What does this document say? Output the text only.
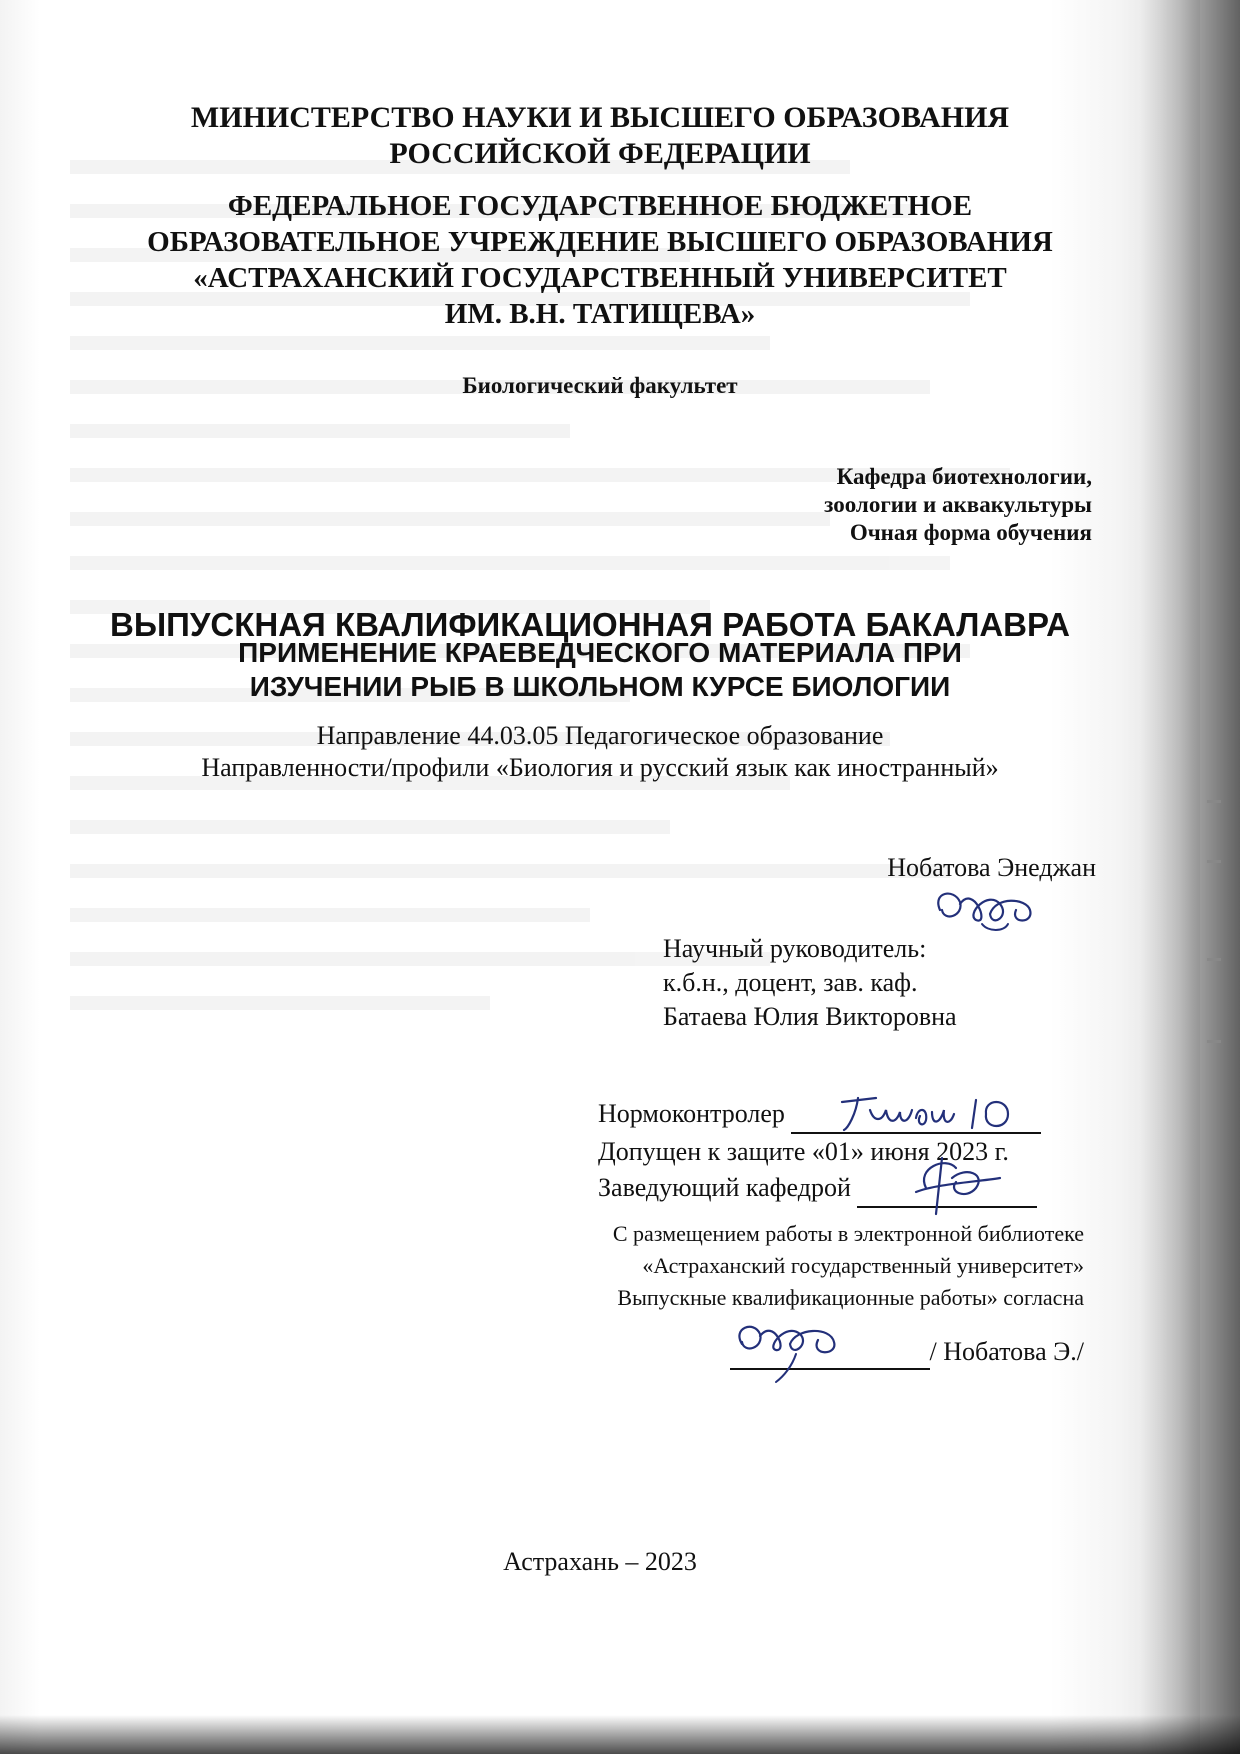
МИНИСТЕРСТВО НАУКИ И ВЫСШЕГО ОБРАЗОВАНИЯ
РОССИЙСКОЙ ФЕДЕРАЦИИ
ФЕДЕРАЛЬНОЕ ГОСУДАРСТВЕННОЕ БЮДЖЕТНОЕ
ОБРАЗОВАТЕЛЬНОЕ УЧРЕЖДЕНИЕ ВЫСШЕГО ОБРАЗОВАНИЯ
«АСТРАХАНСКИЙ ГОСУДАРСТВЕННЫЙ УНИВЕРСИТЕТ
ИМ. В.Н. ТАТИЩЕВА»
Биологический факультет
Кафедра биотехнологии,
зоологии и аквакультуры
Очная форма обучения
ВЫПУСКНАЯ КВАЛИФИКАЦИОННАЯ РАБОТА БАКАЛАВРА
ПРИМЕНЕНИЕ КРАЕВЕДЧЕСКОГО МАТЕРИАЛА ПРИ
ИЗУЧЕНИИ РЫБ В ШКОЛЬНОМ КУРСЕ БИОЛОГИИ
Направление 44.03.05 Педагогическое образование
Направленности/профили «Биология и русский язык как иностранный»
Нобатова Энеджан
Научный руководитель:
к.б.н., доцент, зав. каф.
Батаева Юлия Викторовна
Нормоконтролер
Допущен к защите «01» июня 2023 г.
Заведующий кафедрой
С размещением работы в электронной библиотеке
«Астраханский государственный университет»
Выпускные квалификационные работы» согласна
/ Нобатова Э./
Астрахань – 2023
